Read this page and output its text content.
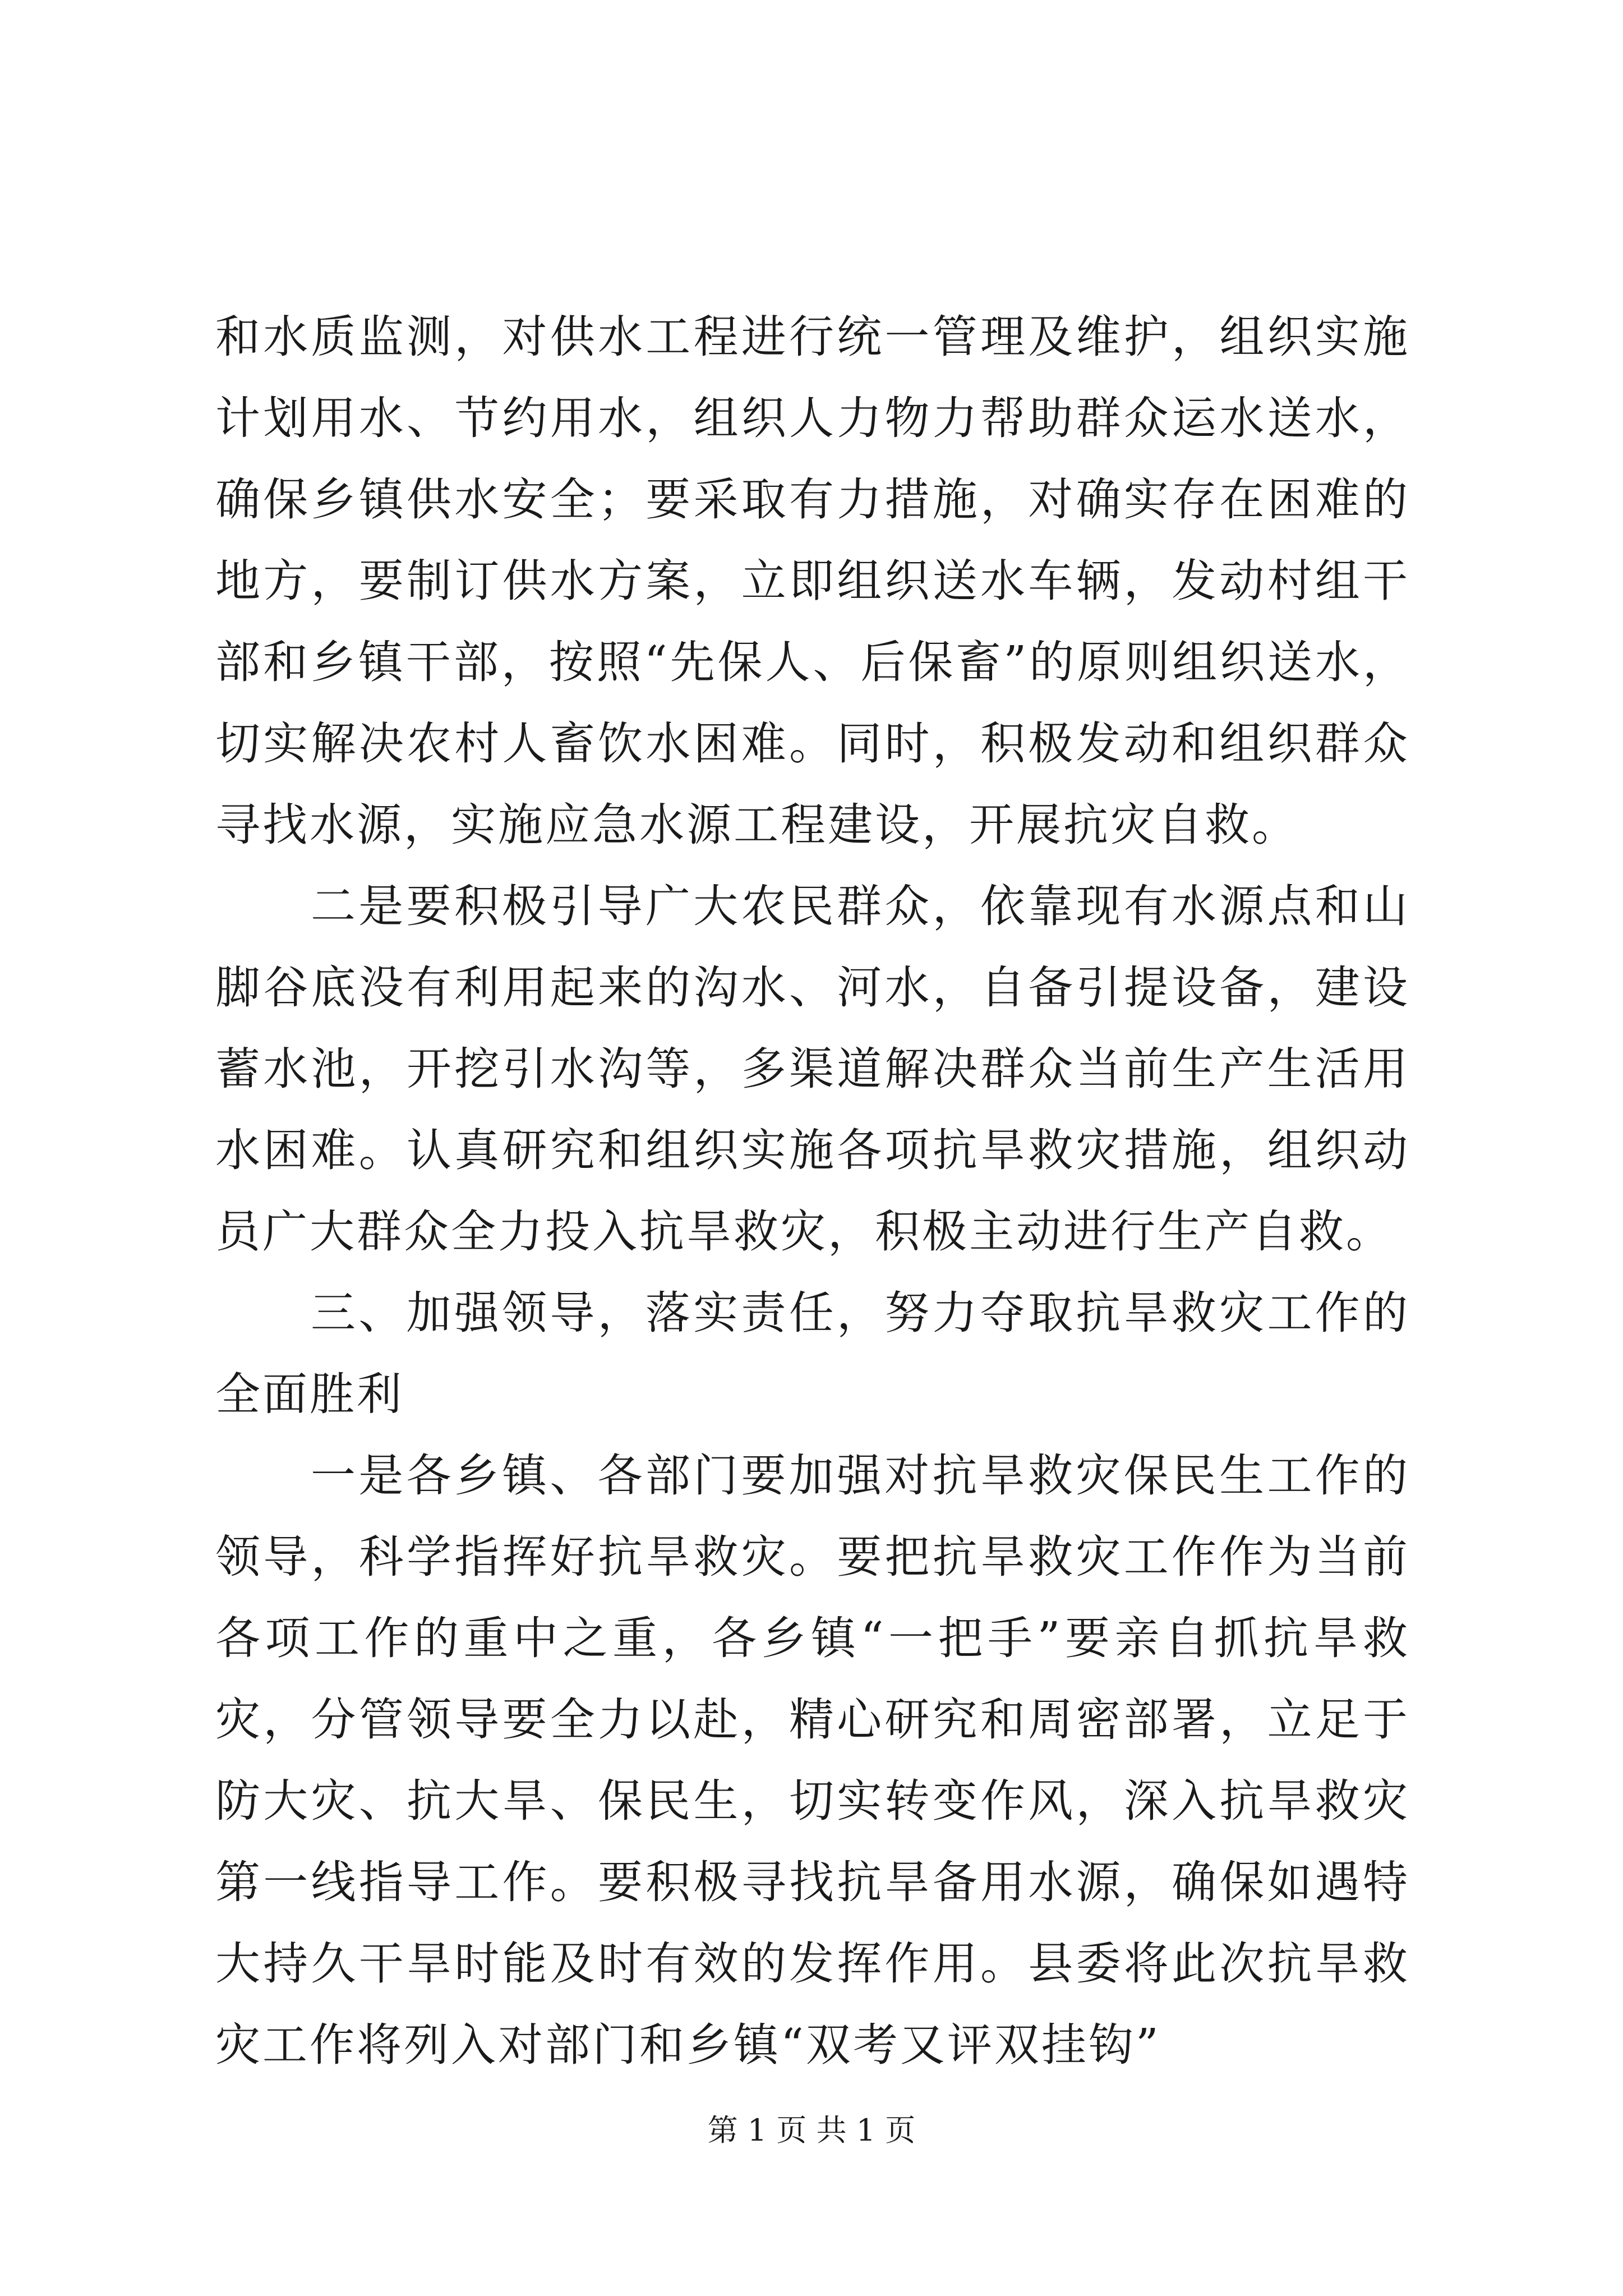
和水质监测，对供水工程进行统一管理及维护，组织实施计划用水、节约用水，组织人力物力帮助群众运水送水，确保乡镇供水安全；要采取有力措施，对确实存在困难的地方，要制订供水方案，立即组织送水车辆，发动村组干部和乡镇干部，按照“先保人、后保畜”的原则组织送水，切实解决农村人畜饮水困难。同时，积极发动和组织群众寻找水源，实施应急水源工程建设，开展抗灾自救。

二是要积极引导广大农民群众，依靠现有水源点和山脚谷底没有利用起来的沟水、河水，自备引提设备，建设蓄水池，开挖引水沟等，多渠道解决群众当前生产生活用水困难。认真研究和组织实施各项抗旱救灾措施，组织动员广大群众全力投入抗旱救灾，积极主动进行生产自救。

三、加强领导，落实责任，努力夺取抗旱救灾工作的全面胜利

一是各乡镇、各部门要加强对抗旱救灾保民生工作的领导，科学指挥好抗旱救灾。要把抗旱救灾工作作为当前各项工作的重中之重，各乡镇“一把手”要亲自抓抗旱救灾，分管领导要全力以赴，精心研究和周密部署，立足于防大灾、抗大旱、保民生，切实转变作风，深入抗旱救灾第一线指导工作。要积极寻找抗旱备用水源，确保如遇特大持久干旱时能及时有效的发挥作用。县委将此次抗旱救灾工作将列入对部门和乡镇“双考又评双挂钩”

第 1 页 共 1 页
